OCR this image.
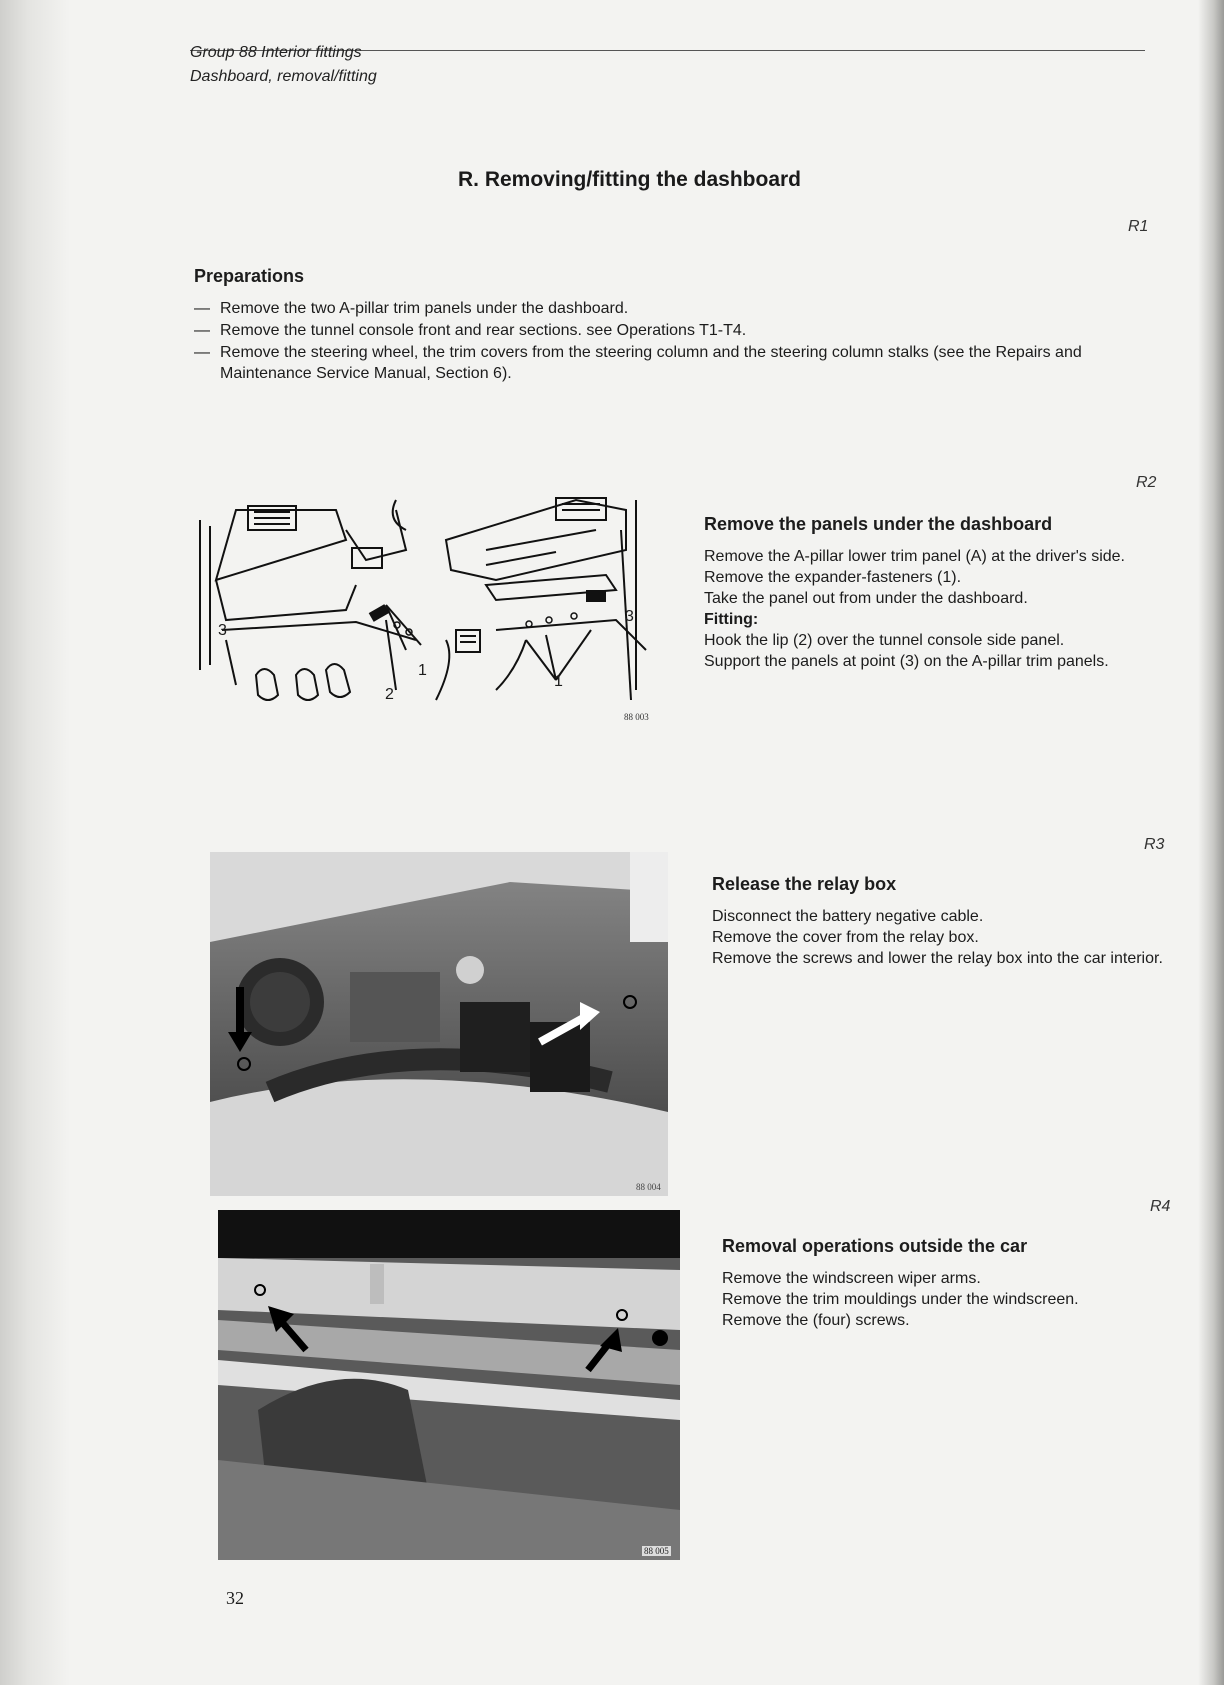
Group 88 Interior fittings
Dashboard, removal/fitting
R. Removing/fitting the dashboard
R1
Preparations
— Remove the two A-pillar trim panels under the dashboard.
— Remove the tunnel console front and rear sections. see Operations T1-T4.
— Remove the steering wheel, the trim covers from the steering column and the steering column stalks (see the Repairs and Maintenance Service Manual, Section 6).
R2
3
1
2
1
3
88 003
Remove the panels under the dashboard

Remove the A-pillar lower trim panel (A) at the driver's side.

Remove the expander-fasteners (1).

Take the panel out from under the dashboard.

Fitting:

Hook the lip (2) over the tunnel console side panel.

Support the panels at point (3) on the A-pillar trim panels.

R3
88 004
Release the relay box

Disconnect the battery negative cable.

Remove the cover from the relay box.

Remove the screws and lower the relay box into the car interior.

R4
88 005
Removal operations outside the car

Remove the windscreen wiper arms.

Remove the trim mouldings under the windscreen.

Remove the (four) screws.

32
